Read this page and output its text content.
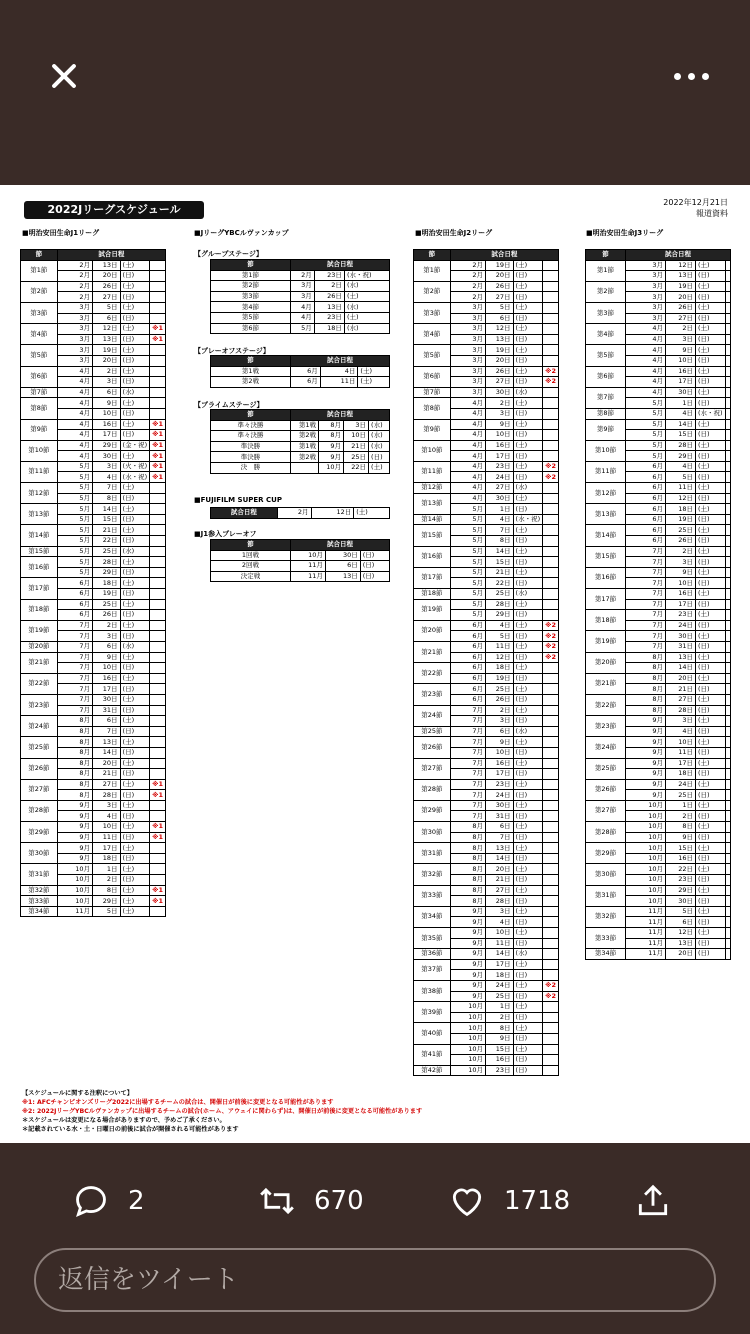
2022Jリーグスケジュール
2022年12月21日
報道資料
■明治安田生命J1リーグ	■JリーグYBCルヴァンカップ	■明治安田生命J2リーグ	■明治安田生命J3リーグ
節	試合日程			
第1節	2月	13日	(土)	
	2月	20日	(日)	
第2節	2月	26日	(土)	
	2月	27日	(日)	
第3節	3月	5日	(土)	
	3月	6日	(日)	
第4節	3月	12日	(土)	※1
	3月	13日	(日)	※1
第5節	3月	19日	(土)	
	3月	20日	(日)	
第6節	4月	2日	(土)	
	4月	3日	(日)	
第7節	4月	6日	(水)	
第8節	4月	9日	(土)	
	4月	10日	(日)	
第9節	4月	16日	(土)	※1
	4月	17日	(日)	※1
第10節	4月	29日	(金・祝)	※1
	4月	30日	(土)	※1
第11節	5月	3日	(火・祝)	※1
	5月	4日	(水・祝)	※1
第12節	5月	7日	(土)	
	5月	8日	(日)	
第13節	5月	14日	(土)	
	5月	15日	(日)	
第14節	5月	21日	(土)	
	5月	22日	(日)	
第15節	5月	25日	(水)	
第16節	5月	28日	(土)	
	5月	29日	(日)	
第17節	6月	18日	(土)	
	6月	19日	(日)	
第18節	6月	25日	(土)	
	6月	26日	(日)	
第19節	7月	2日	(土)	
	7月	3日	(日)	
第20節	7月	6日	(水)	
第21節	7月	9日	(土)	
	7月	10日	(日)	
第22節	7月	16日	(土)	
	7月	17日	(日)	
第23節	7月	30日	(土)	
	7月	31日	(日)	
第24節	8月	6日	(土)	
	8月	7日	(日)	
第25節	8月	13日	(土)	
	8月	14日	(日)	
第26節	8月	20日	(土)	
	8月	21日	(日)	
第27節	8月	27日	(土)	※1
	8月	28日	(日)	※1
第28節	9月	3日	(土)	
	9月	4日	(日)	
第29節	9月	10日	(土)	※1
	9月	11日	(日)	※1
第30節	9月	17日	(土)	
	9月	18日	(日)	
第31節	10月	1日	(土)	
	10月	2日	(日)	
第32節	10月	8日	(土)	※1
第33節	10月	29日	(土)	※1
第34節	11月	5日	(土)	
節	試合日程			
第1節	2月	19日	(土)	
	2月	20日	(日)	
第2節	2月	26日	(土)	
	2月	27日	(日)	
第3節	3月	5日	(土)	
	3月	6日	(日)	
第4節	3月	12日	(土)	
	3月	13日	(日)	
第5節	3月	19日	(土)	
	3月	20日	(日)	
第6節	3月	26日	(土)	※2
	3月	27日	(日)	※2
第7節	3月	30日	(水)	
第8節	4月	2日	(土)	
	4月	3日	(日)	
第9節	4月	9日	(土)	
	4月	10日	(日)	
第10節	4月	16日	(土)	
	4月	17日	(日)	
第11節	4月	23日	(土)	※2
	4月	24日	(日)	※2
第12節	4月	27日	(水)	
第13節	4月	30日	(土)	
	5月	1日	(日)	
第14節	5月	4日	(水・祝)	
第15節	5月	7日	(土)	
	5月	8日	(日)	
第16節	5月	14日	(土)	
	5月	15日	(日)	
第17節	5月	21日	(土)	
	5月	22日	(日)	
第18節	5月	25日	(水)	
第19節	5月	28日	(土)	
	5月	29日	(日)	
第20節	6月	4日	(土)	※2
	6月	5日	(日)	※2
第21節	6月	11日	(土)	※2
	6月	12日	(日)	※2
第22節	6月	18日	(土)	
	6月	19日	(日)	
第23節	6月	25日	(土)	
	6月	26日	(日)	
第24節	7月	2日	(土)	
	7月	3日	(日)	
第25節	7月	6日	(水)	
第26節	7月	9日	(土)	
	7月	10日	(日)	
第27節	7月	16日	(土)	
	7月	17日	(日)	
第28節	7月	23日	(土)	
	7月	24日	(日)	
第29節	7月	30日	(土)	
	7月	31日	(日)	
第30節	8月	6日	(土)	
	8月	7日	(日)	
第31節	8月	13日	(土)	
	8月	14日	(日)	
第32節	8月	20日	(土)	
	8月	21日	(日)	
第33節	8月	27日	(土)	
	8月	28日	(日)	
第34節	9月	3日	(土)	
	9月	4日	(日)	
第35節	9月	10日	(土)	
	9月	11日	(日)	
第36節	9月	14日	(水)	
第37節	9月	17日	(土)	
	9月	18日	(日)	
第38節	9月	24日	(土)	※2
	9月	25日	(日)	※2
第39節	10月	1日	(土)	
	10月	2日	(日)	
第40節	10月	8日	(土)	
	10月	9日	(日)	
第41節	10月	15日	(土)	
	10月	16日	(日)	
第42節	10月	23日	(日)	
節	試合日程			
第1節	3月	12日	(土)	
	3月	13日	(日)	
第2節	3月	19日	(土)	
	3月	20日	(日)	
第3節	3月	26日	(土)	
	3月	27日	(日)	
第4節	4月	2日	(土)	
	4月	3日	(日)	
第5節	4月	9日	(土)	
	4月	10日	(日)	
第6節	4月	16日	(土)	
	4月	17日	(日)	
第7節	4月	30日	(土)	
	5月	1日	(日)	
第8節	5月	4日	(水・祝)	
第9節	5月	14日	(土)	
	5月	15日	(日)	
第10節	5月	28日	(土)	
	5月	29日	(日)	
第11節	6月	4日	(土)	
	6月	5日	(日)	
第12節	6月	11日	(土)	
	6月	12日	(日)	
第13節	6月	18日	(土)	
	6月	19日	(日)	
第14節	6月	25日	(土)	
	6月	26日	(日)	
第15節	7月	2日	(土)	
	7月	3日	(日)	
第16節	7月	9日	(土)	
	7月	10日	(日)	
第17節	7月	16日	(土)	
	7月	17日	(日)	
第18節	7月	23日	(土)	
	7月	24日	(日)	
第19節	7月	30日	(土)	
	7月	31日	(日)	
第20節	8月	13日	(土)	
	8月	14日	(日)	
第21節	8月	20日	(土)	
	8月	21日	(日)	
第22節	8月	27日	(土)	
	8月	28日	(日)	
第23節	9月	3日	(土)	
	9月	4日	(日)	
第24節	9月	10日	(土)	
	9月	11日	(日)	
第25節	9月	17日	(土)	
	9月	18日	(日)	
第26節	9月	24日	(土)	
	9月	25日	(日)	
第27節	10月	1日	(土)	
	10月	2日	(日)	
第28節	10月	8日	(土)	
	10月	9日	(日)	
第29節	10月	15日	(土)	
	10月	16日	(日)	
第30節	10月	22日	(土)	
	10月	23日	(日)	
第31節	10月	29日	(土)	
	10月	30日	(日)	
第32節	11月	5日	(土)	
	11月	6日	(日)	
第33節	11月	12日	(土)	
	11月	13日	(日)	
第34節	11月	20日	(日)	
【グループステージ】
節	試合日程		
第1節	2月	23日	(水・祝)
第2節	3月	2日	(水)
第3節	3月	26日	(土)
第4節	4月	13日	(水)
第5節	4月	23日	(土)
第6節	5月	18日	(水)
【プレーオフステージ】
節	試合日程		
第1戦	6月	4日	(土)
第2戦	6月	11日	(土)
【プライムステージ】
節	試合日程			
準々決勝	第1戦	8月	3日	(水)
準々決勝	第2戦	8月	10日	(水)
準決勝	第1戦	9月	21日	(水)
準決勝	第2戦	9月	25日	(日)
決　勝		10月	22日	(土)
■FUJIFILM SUPER CUP
試合日程	2月	12日	(土)
■J1参入プレーオフ
節	試合日程		
1回戦	10月	30日	(日)
2回戦	11月	6日	(日)
決定戦	11月	13日	(日)
【スケジュールに関する注釈について】
※1: AFCチャンピオンズリーグ2022に出場するチームの試合は、開催日が前後に変更となる可能性があります
※2: 2022JリーグYBCルヴァンカップに出場するチームの試合(ホーム、アウェイに関わらず)は、開催日が前後に変更となる可能性があります
＊スケジュールは変更になる場合がありますので、予めご了承ください。
＊記載されている水・土・日曜日の前後に試合が開催される可能性があります
2	670	1718
返信をツイート
